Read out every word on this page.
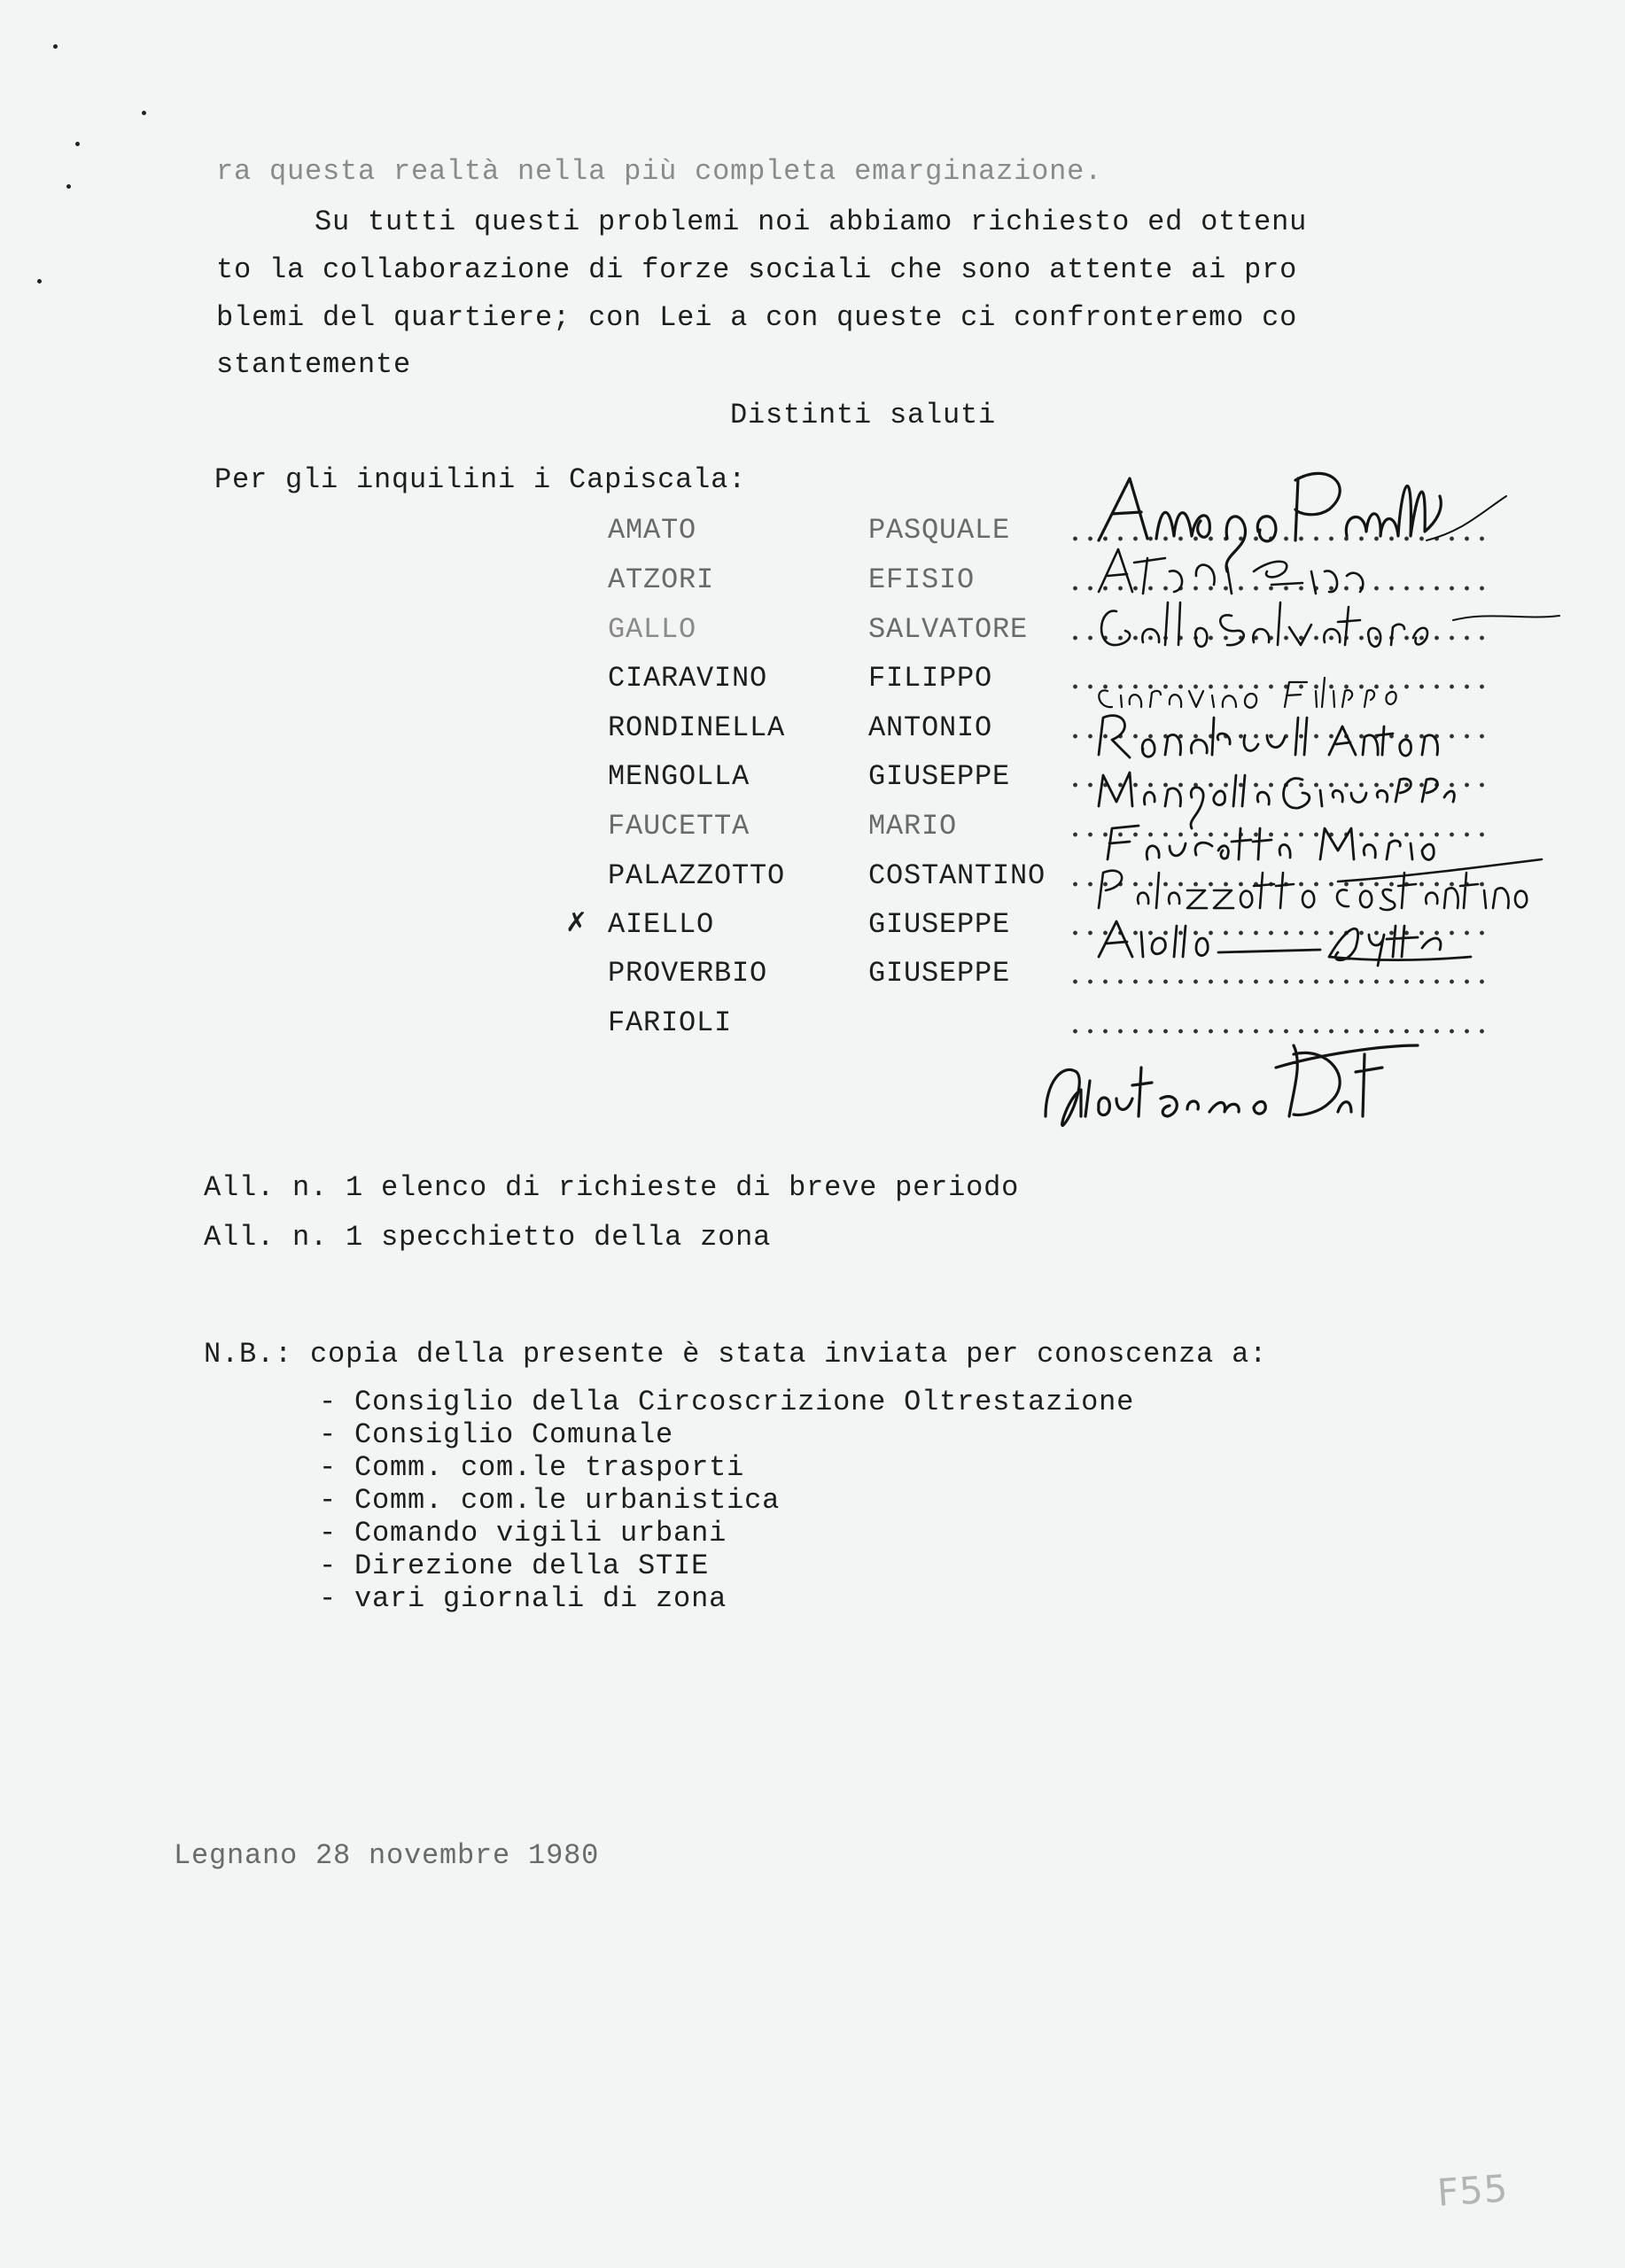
ra questa realtà nella più completa emarginazione.
Su tutti questi problemi noi abbiamo richiesto ed ottenu
to la collaborazione di forze sociali che sono attente ai pro
blemi del quartiere; con Lei a con queste ci confronteremo co
stantemente
Distinti saluti
Per gli inquilini i Capiscala:
AMATO	PASQUALE
ATZORI	EFISIO
GALLO	SALVATORE
CIARAVINO	FILIPPO
RONDINELLA	ANTONIO
MENGOLLA	GIUSEPPE
FAUCETTA	MARIO
PALAZZOTTO	COSTANTINO
✗ AIELLO	GIUSEPPE
PROVERBIO	GIUSEPPE
FARIOLI
All. n. 1 elenco di richieste di breve periodo
All. n. 1 specchietto della zona
N.B.: copia della presente è stata inviata per conoscenza a:
- Consiglio della Circoscrizione Oltrestazione
- Consiglio Comunale
- Comm. com.le trasporti
- Comm. com.le urbanistica
- Comando vigili urbani
- Direzione della STIE
- vari giornali di zona
Legnano 28 novembre 1980
F55
